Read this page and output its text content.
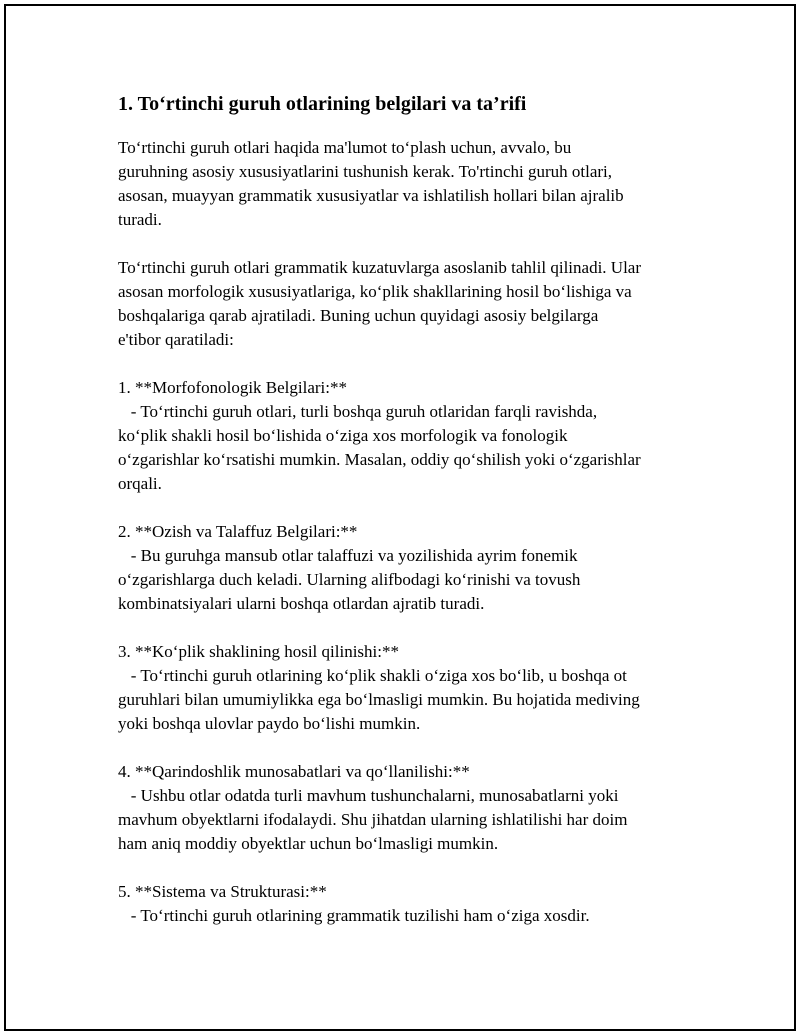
1. To‘rtinchi guruh otlarining belgilari va ta’rifi

To‘rtinchi guruh otlari haqida ma'lumot to‘plash uchun, avvalo, bu
guruhning asosiy xususiyatlarini tushunish kerak. To'rtinchi guruh otlari,
asosan, muayyan grammatik xususiyatlar va ishlatilish hollari bilan ajralib
turadi.

To‘rtinchi guruh otlari grammatik kuzatuvlarga asoslanib tahlil qilinadi. Ular
asosan morfologik xususiyatlariga, ko‘plik shakllarining hosil bo‘lishiga va
boshqalariga qarab ajratiladi. Buning uchun quyidagi asosiy belgilarga
e'tibor qaratiladi:

1. **Morfofonologik Belgilari:**
- To‘rtinchi guruh otlari, turli boshqa guruh otlaridan farqli ravishda,
ko‘plik shakli hosil bo‘lishida o‘ziga xos morfologik va fonologik
o‘zgarishlar ko‘rsatishi mumkin. Masalan, oddiy qo‘shilish yoki o‘zgarishlar
orqali.
2. **Ozish va Talaffuz Belgilari:**
- Bu guruhga mansub otlar talaffuzi va yozilishida ayrim fonemik
o‘zgarishlarga duch keladi. Ularning alifbodagi ko‘rinishi va tovush
kombinatsiyalari ularni boshqa otlardan ajratib turadi.
3. **Ko‘plik shaklining hosil qilinishi:**
- To‘rtinchi guruh otlarining ko‘plik shakli o‘ziga xos bo‘lib, u boshqa ot
guruhlari bilan umumiylikka ega bo‘lmasligi mumkin. Bu hojatida mediving
yoki boshqa ulovlar paydo bo‘lishi mumkin.
4. **Qarindoshlik munosabatlari va qo‘llanilishi:**
- Ushbu otlar odatda turli mavhum tushunchalarni, munosabatlarni yoki
mavhum obyektlarni ifodalaydi. Shu jihatdan ularning ishlatilishi har doim
ham aniq moddiy obyektlar uchun bo‘lmasligi mumkin.
5. **Sistema va Strukturasi:**
- To‘rtinchi guruh otlarining grammatik tuzilishi ham o‘ziga xosdir.
